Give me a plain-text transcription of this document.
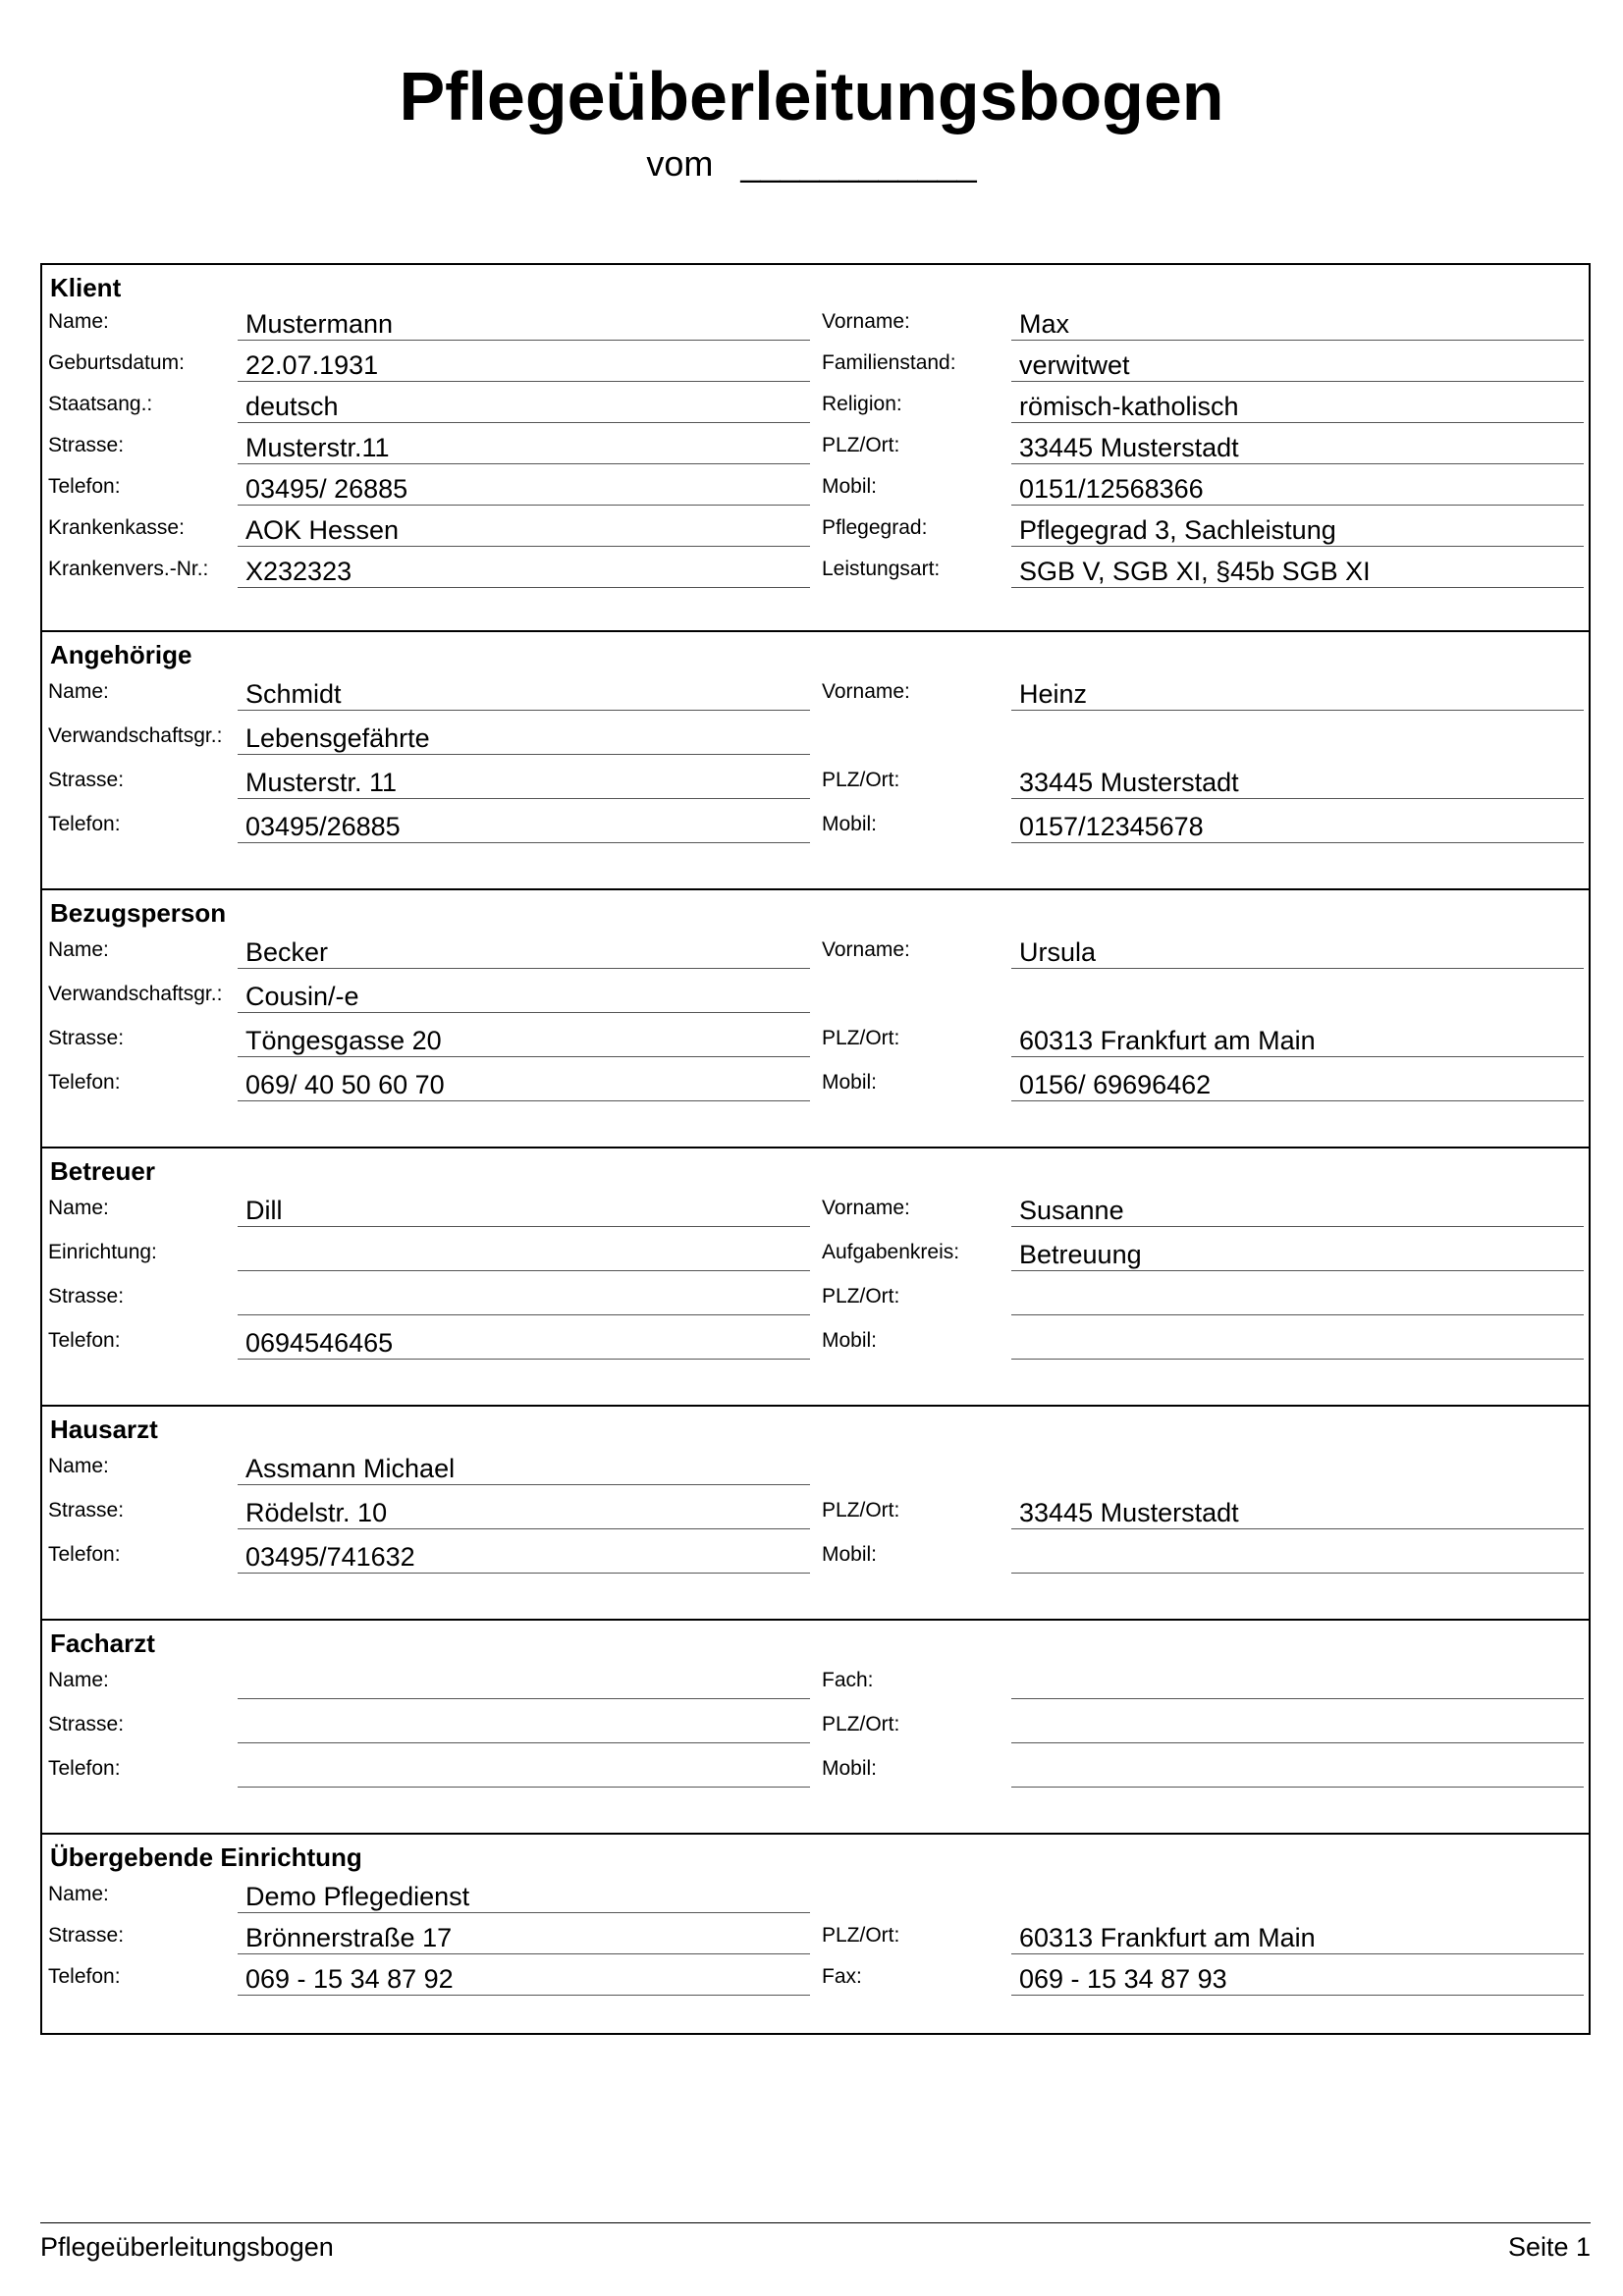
Pflegeüberleitungsbogen
vom ____________
Klient
Name:	Mustermann	Vorname:	Max
Geburtsdatum: 22.07.1931	Familienstand: verwitwet
Staatsang.:	deutsch	Religion:	römisch-katholisch
Strasse:	Musterstr.11	PLZ/Ort:	33445 Musterstadt
Telefon:	03495/ 26885	Mobil:	0151/12568366
Krankenkasse: AOK Hessen	Pflegegrad:	Pflegegrad 3, Sachleistung
Krankenvers.-Nr.: X232323	Leistungsart:	SGB V, SGB XI, §45b SGB XI
Angehörige
Name:	Schmidt	Vorname:	Heinz
Verwandschaftsgr.: Lebensgefährte
Strasse:	Musterstr. 11	PLZ/Ort:	33445 Musterstadt
Telefon:	03495/26885	Mobil:	0157/12345678
Bezugsperson
Name:	Becker	Vorname:	Ursula
Verwandschaftsgr.: Cousin/-e
Strasse:	Töngesgasse 20	PLZ/Ort:	60313 Frankfurt am Main
Telefon:	069/ 40 50 60 70	Mobil:	0156/ 69696462
Betreuer
Name:	Dill	Vorname:	Susanne
Einrichtung:	Aufgabenkreis: Betreuung
Strasse:	PLZ/Ort:
Telefon:	0694546465	Mobil:
Hausarzt
Name:	Assmann Michael
Strasse:	Rödelstr. 10	PLZ/Ort:	33445 Musterstadt
Telefon:	03495/741632	Mobil:
Facharzt
Name:	Fach:
Strasse:	PLZ/Ort:
Telefon:	Mobil:
Übergebende Einrichtung
Name:	Demo Pflegedienst
Strasse:	Brönnerstraße 17	PLZ/Ort:	60313 Frankfurt am Main
Telefon:	069 - 15 34 87 92	Fax:	069 - 15 34 87 93
Pflegeüberleitungsbogen	Seite 1
